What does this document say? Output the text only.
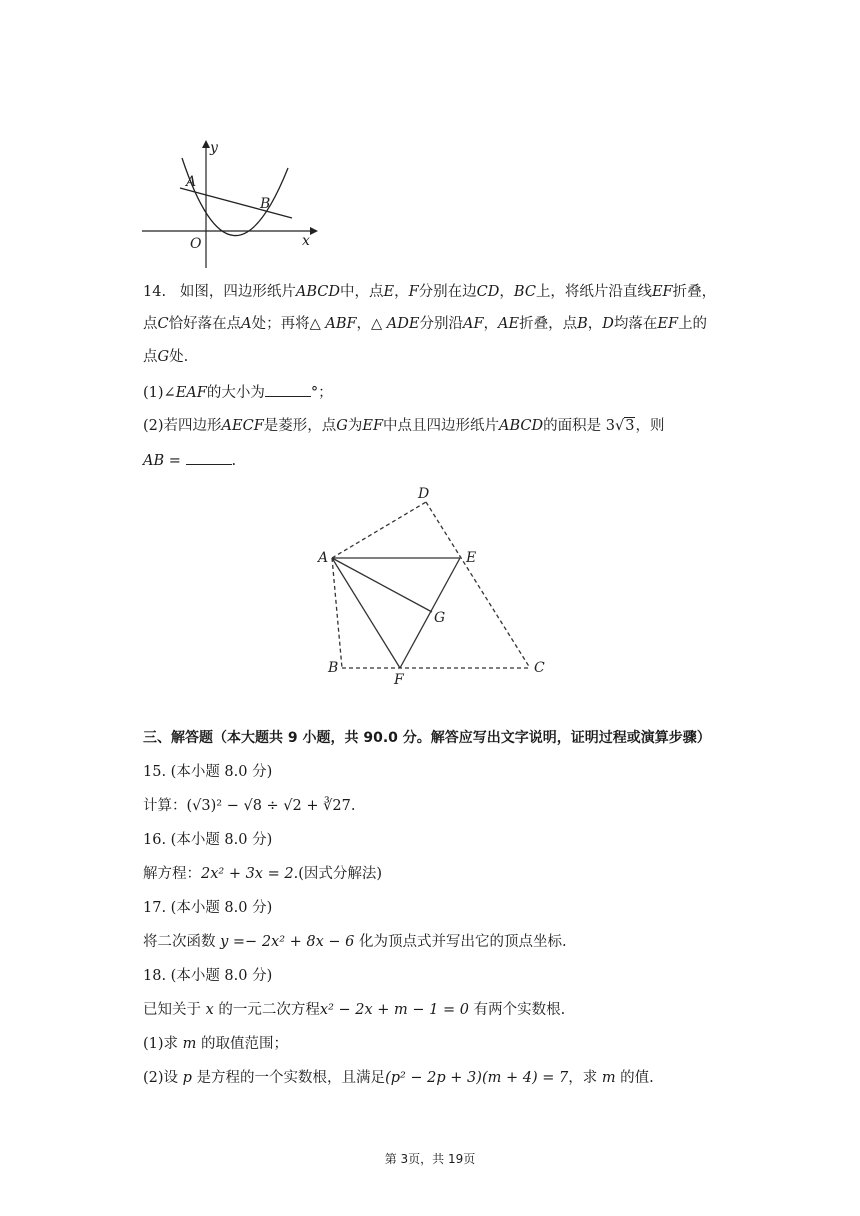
y
x
A
B
O
14. 如图，四边形纸片ABCD中，点E，F分别在边CD，BC上，将纸片沿直线EF折叠，
点C恰好落在点A处；再将△ ABF，△ ADE分别沿AF，AE折叠，点B，D均落在EF上的
点G处.
(1)∠EAF的大小为	°；
(2)若四边形AECF是菱形，点G为EF中点且四边形纸片ABCD的面积是 3√3，则
AB =	.
D
A	E
G
B
F
C
三、解答题（本大题共 9 小题，共 90.0 分。解答应写出文字说明，证明过程或演算步骤）
15. (本小题 8.0 分)
计算：(√3)² − √8 ÷ √2 + ∛27.
16. (本小题 8.0 分)
解方程：2x² + 3x = 2.(因式分解法)
17. (本小题 8.0 分)
将二次函数 y =− 2x² + 8x − 6 化为顶点式并写出它的顶点坐标.
18. (本小题 8.0 分)
已知关于 x 的一元二次方程x² − 2x + m − 1 = 0 有两个实数根.
(1)求 m 的取值范围；
(2)设 p 是方程的一个实数根，且满足(p² − 2p + 3)(m + 4) = 7，求 m 的值.
第 3页，共 19页
